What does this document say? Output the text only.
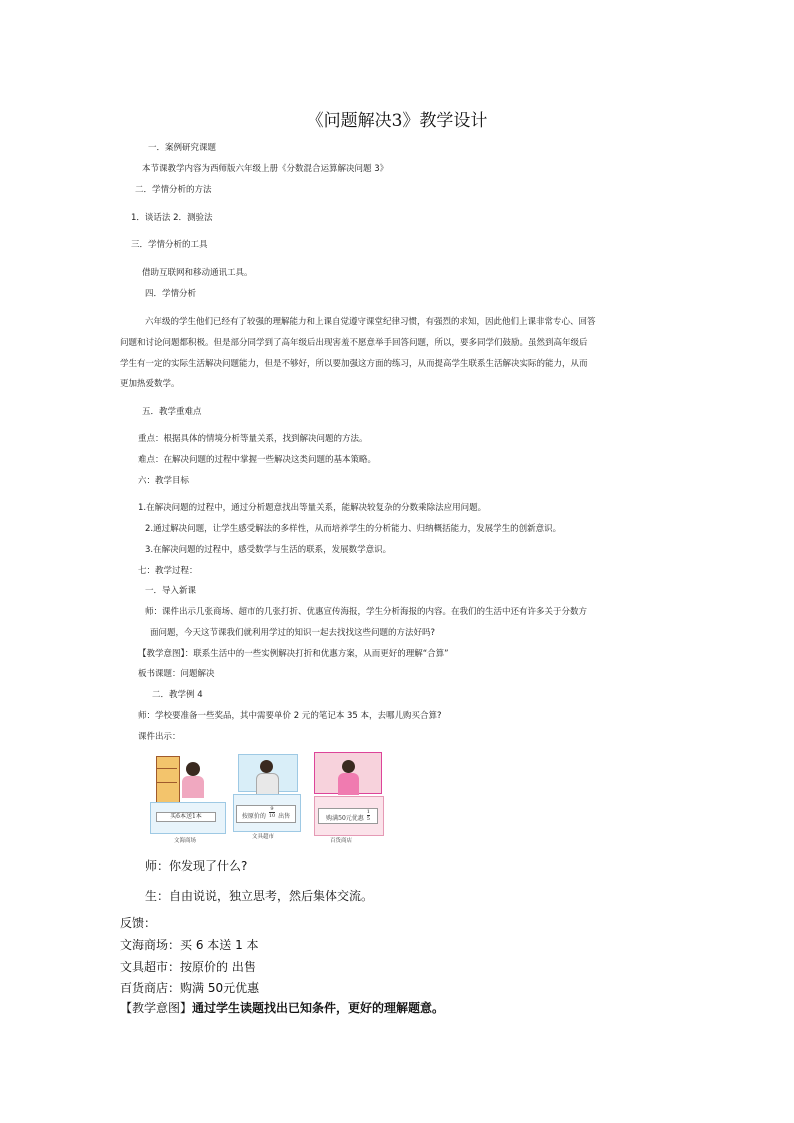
《问题解决3》教学设计
一．案例研究课题
本节课教学内容为西师版六年级上册《分数混合运算解决问题 3》
二．学情分析的方法
1．谈话法 2．测验法
三．学情分析的工具
借助互联网和移动通讯工具。
四．学情分析
六年级的学生他们已经有了较强的理解能力和上课自觉遵守课堂纪律习惯，有强烈的求知，因此他们上课非常专心、回答
问题和讨论问题都积极。但是部分同学到了高年级后出现害羞不愿意举手回答问题，所以，要多同学们鼓励。虽然到高年级后
学生有一定的实际生活解决问题能力，但是不够好，所以要加强这方面的练习，从而提高学生联系生活解决实际的能力，从而
更加热爱数学。
五．教学重难点
重点：根据具体的情境分析等量关系，找到解决问题的方法。
难点：在解决问题的过程中掌握一些解决这类问题的基本策略。
六：教学目标
1.在解决问题的过程中，通过分析题意找出等量关系，能解决较复杂的分数乘除法应用问题。
2.通过解决问题，让学生感受解法的多样性，从而培养学生的分析能力、归纳概括能力，发展学生的创新意识。
3.在解决问题的过程中，感受数学与生活的联系，发展数学意识。
七：教学过程：
一．导入新课
师：课件出示几张商场、超市的几张打折、优惠宣传海报，学生分析海报的内容。在我们的生活中还有许多关于分数方
面问题，今天这节课我们就利用学过的知识一起去找找这些问题的方法好吗?
【教学意图】：联系生活中的一些实例解决打折和优惠方案，从而更好的理解“合算”
板书课题：问题解决
二．教学例 4
师：学校要准备一些奖品，其中需要单价 2 元的笔记本 35 本，去哪儿购买合算?
课件出示：
买6本送1本
文海商场
按原价的 $\frac{9}{10}$ 出售
文具超市
购满50元优惠 $\frac{1}{5}$
百货商店
师：你发现了什么?
生：自由说说，独立思考，然后集体交流。
反馈：
文海商场：买 6 本送 1 本
文具超市：按原价的 出售
百货商店：购满 50元优惠
【教学意图】通过学生读题找出已知条件，更好的理解题意。
